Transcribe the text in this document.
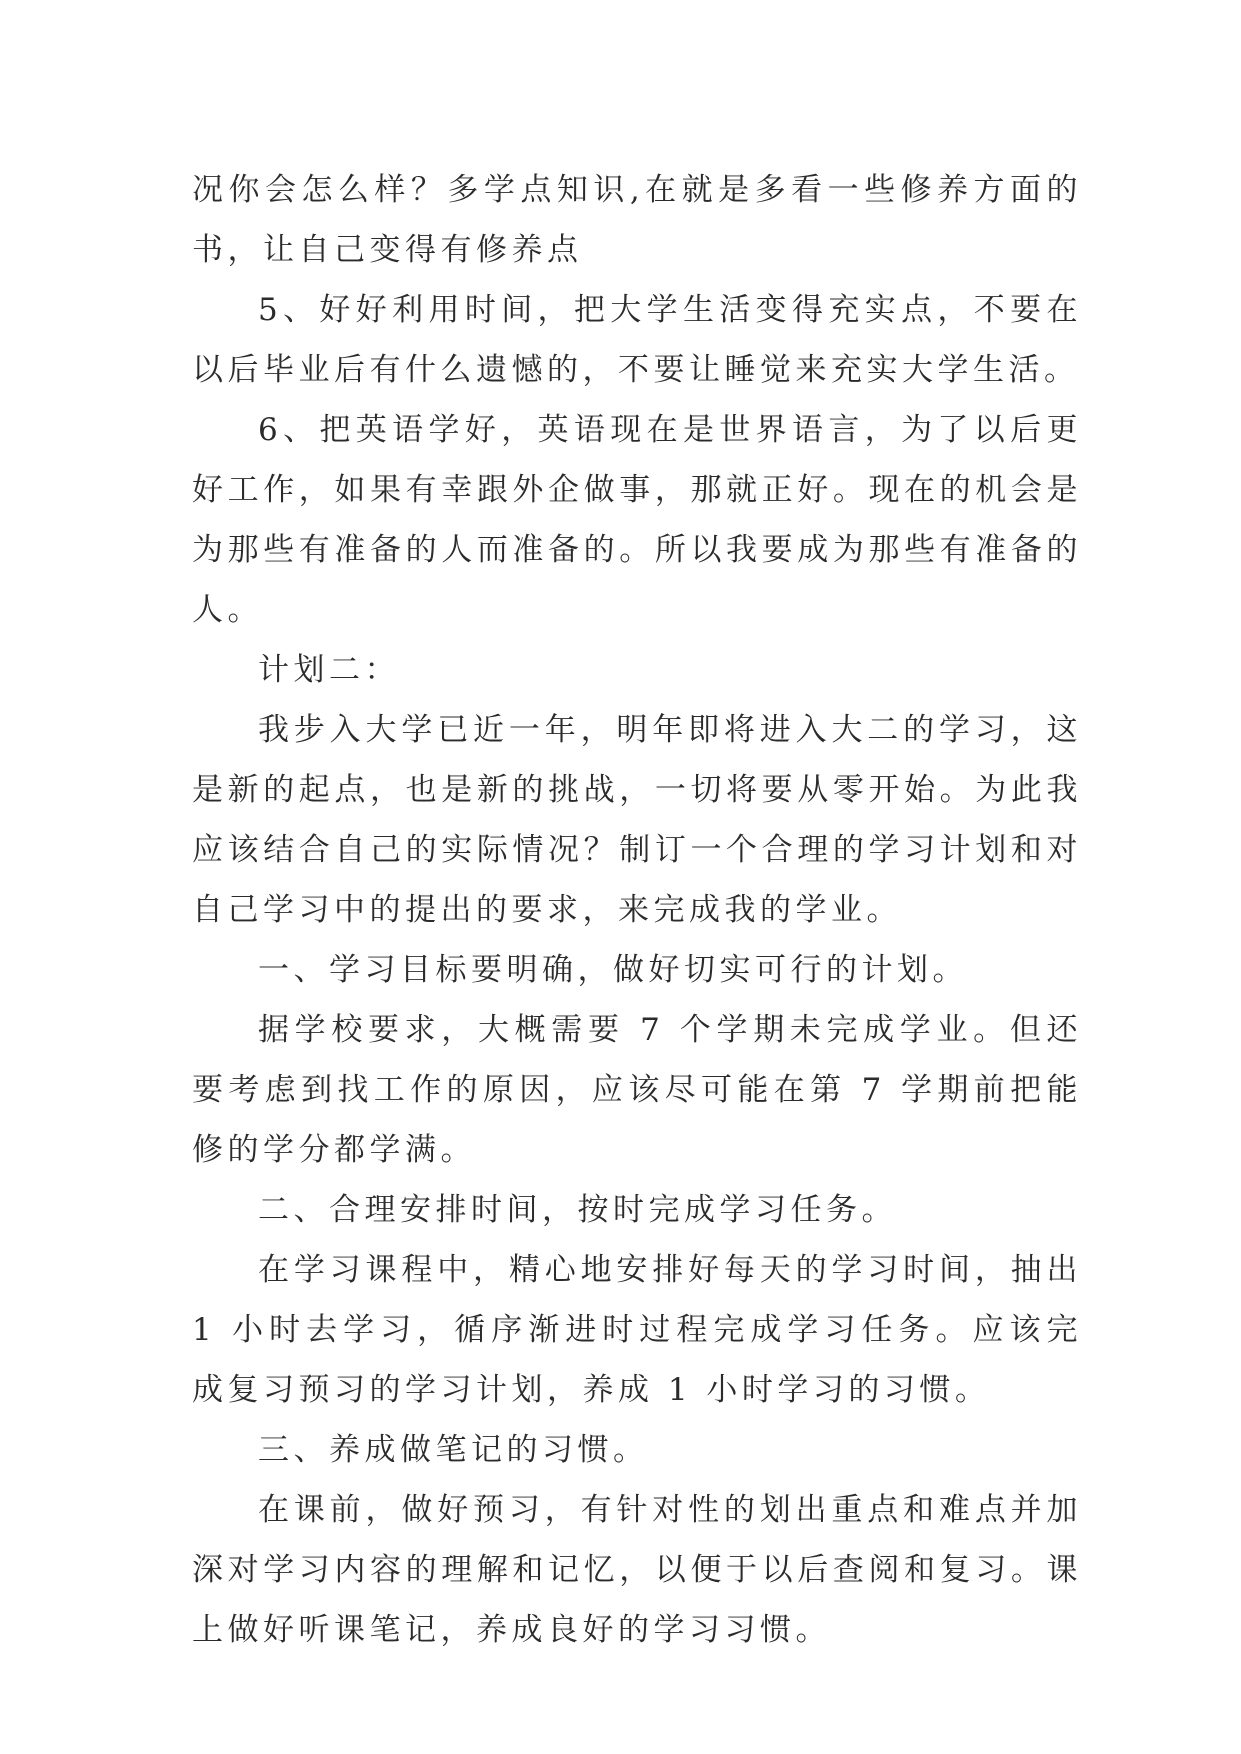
况你会怎么样？多学点知识,在就是多看一些修养方面的书，让自己变得有修养点

5、好好利用时间，把大学生活变得充实点，不要在以后毕业后有什么遗憾的，不要让睡觉来充实大学生活。

6、把英语学好，英语现在是世界语言，为了以后更好工作，如果有幸跟外企做事，那就正好。现在的机会是为那些有准备的人而准备的。所以我要成为那些有准备的人。

计划二：

我步入大学已近一年，明年即将进入大二的学习，这是新的起点，也是新的挑战，一切将要从零开始。为此我应该结合自己的实际情况？制订一个合理的学习计划和对自己学习中的提出的要求，来完成我的学业。

一、学习目标要明确，做好切实可行的计划。

据学校要求，大概需要 7 个学期未完成学业。但还要考虑到找工作的原因，应该尽可能在第 7 学期前把能修的学分都学满。

二、合理安排时间，按时完成学习任务。

在学习课程中，精心地安排好每天的学习时间，抽出 1 小时去学习，循序渐进时过程完成学习任务。应该完成复习预习的学习计划，养成 1 小时学习的习惯。

三、养成做笔记的习惯。

在课前，做好预习，有针对性的划出重点和难点并加深对学习内容的理解和记忆，以便于以后查阅和复习。课上做好听课笔记，养成良好的学习习惯。
